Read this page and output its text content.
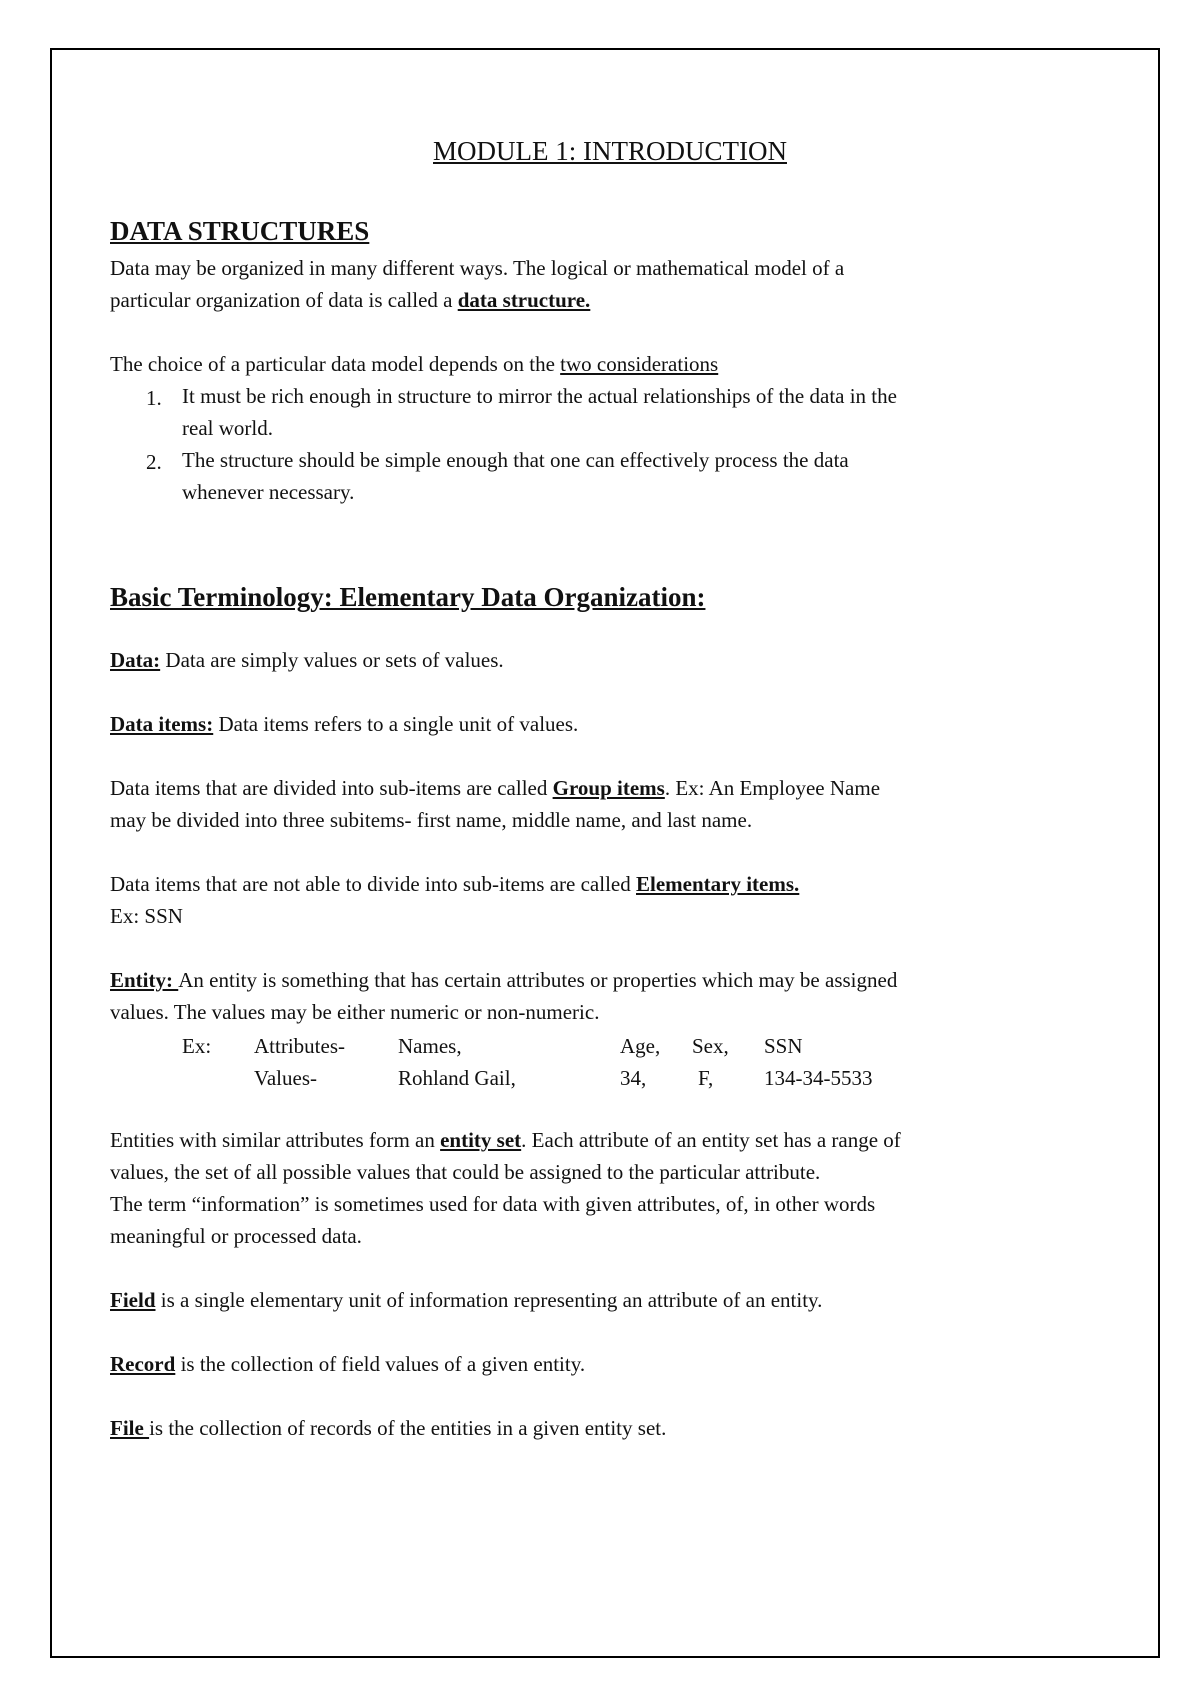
MODULE 1: INTRODUCTION
DATA STRUCTURES
Data may be organized in many different ways. The logical or mathematical model of a
particular organization of data is called a data structure.
The choice of a particular data model depends on the two considerations
1. It must be rich enough in structure to mirror the actual relationships of the data in the
real world.
2. The structure should be simple enough that one can effectively process the data
whenever necessary.
Basic Terminology: Elementary Data Organization:
Data: Data are simply values or sets of values.
Data items: Data items refers to a single unit of values.
Data items that are divided into sub-items are called Group items. Ex: An Employee Name
may be divided into three subitems- first name, middle name, and last name.
Data items that are not able to divide into sub-items are called Elementary items.
Ex: SSN
Entity: An entity is something that has certain attributes or properties which may be assigned
values. The values may be either numeric or non-numeric.
Ex: Attributes-	Names,	Age, Sex, SSN
Values-	Rohland Gail,	34, F, 134-34-5533
Entities with similar attributes form an entity set. Each attribute of an entity set has a range of
values, the set of all possible values that could be assigned to the particular attribute.
The term “information” is sometimes used for data with given attributes, of, in other words
meaningful or processed data.
Field is a single elementary unit of information representing an attribute of an entity.
Record is the collection of field values of a given entity.
File is the collection of records of the entities in a given entity set.
